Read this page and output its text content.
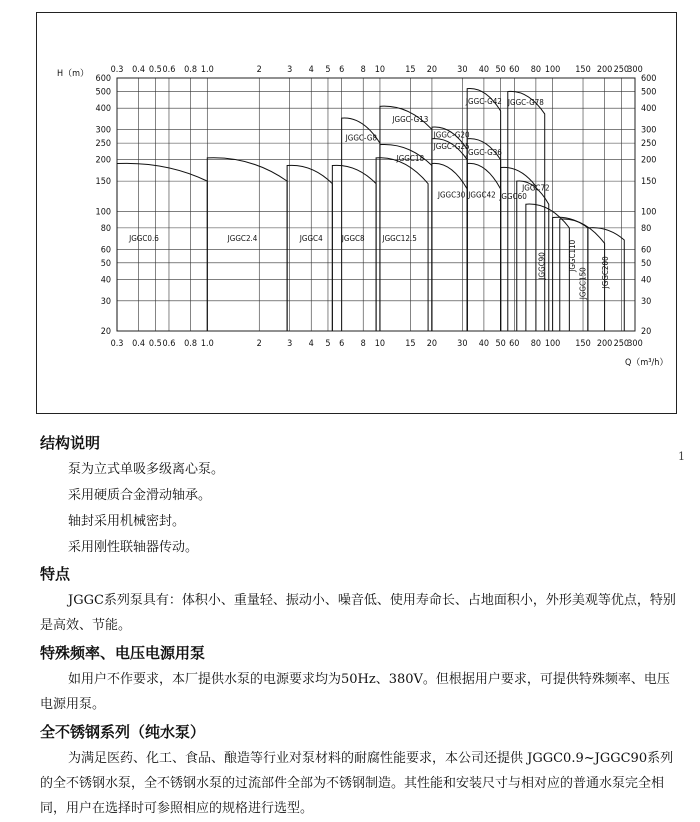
0.3
0.3
0.4
0.4
0.5
0.5
0.6
0.6
0.8
0.8
1.0
1.0
2
2
3
3
4
4
5
5
6
6
8
8
10
10
15
15
20
20
30
30
40
40
50
50
60
60
80
80
100
100
150
150
200
200
250
250
300
300
20	20
30	30
40	40
50	50
60	60
80	80
100	100
150	150
200	200
250	250
300	300
400	400
500	500
600	600
H（m）
Q（m³/h）
JGGC0.6	JGGC2.4	JGGC4 JGGC8 JGGC12.5
JGGC-G8
JGGC-G13
JGGC18
JGGC-G20
JGGC-G25
JGGC-G36
JGGC-G42 JGGC-G78
JGGC30 JGGC42 JGGC60
JGGC72
JGGC90	JGGC110
JGGC150 JGGC200
结构说明
泵为立式单吸多级离心泵。
采用硬质合金滑动轴承。
轴封采用机械密封。
采用刚性联轴器传动。
特点

JGGC系列泵具有：体积小、重量轻、振动小、噪音低、使用寿命长、占地面积小，外形美观等优点，特别是高效、节能。

特殊频率、电压电源用泵

如用户不作要求，本厂提供水泵的电源要求均为50Hz、380V。但根据用户要求，可提供特殊频率、电压电源用泵。

全不锈钢系列（纯水泵）

为满足医药、化工、食品、酿造等行业对泵材料的耐腐性能要求，本公司还提供 JGGC0.9~JGGC90系列的全不锈钢水泵，全不锈钢水泵的过流部件全部为不锈钢制造。其性能和安装尺寸与相对应的普通水泵完全相同，用户在选择时可参照相应的规格进行选型。

1
